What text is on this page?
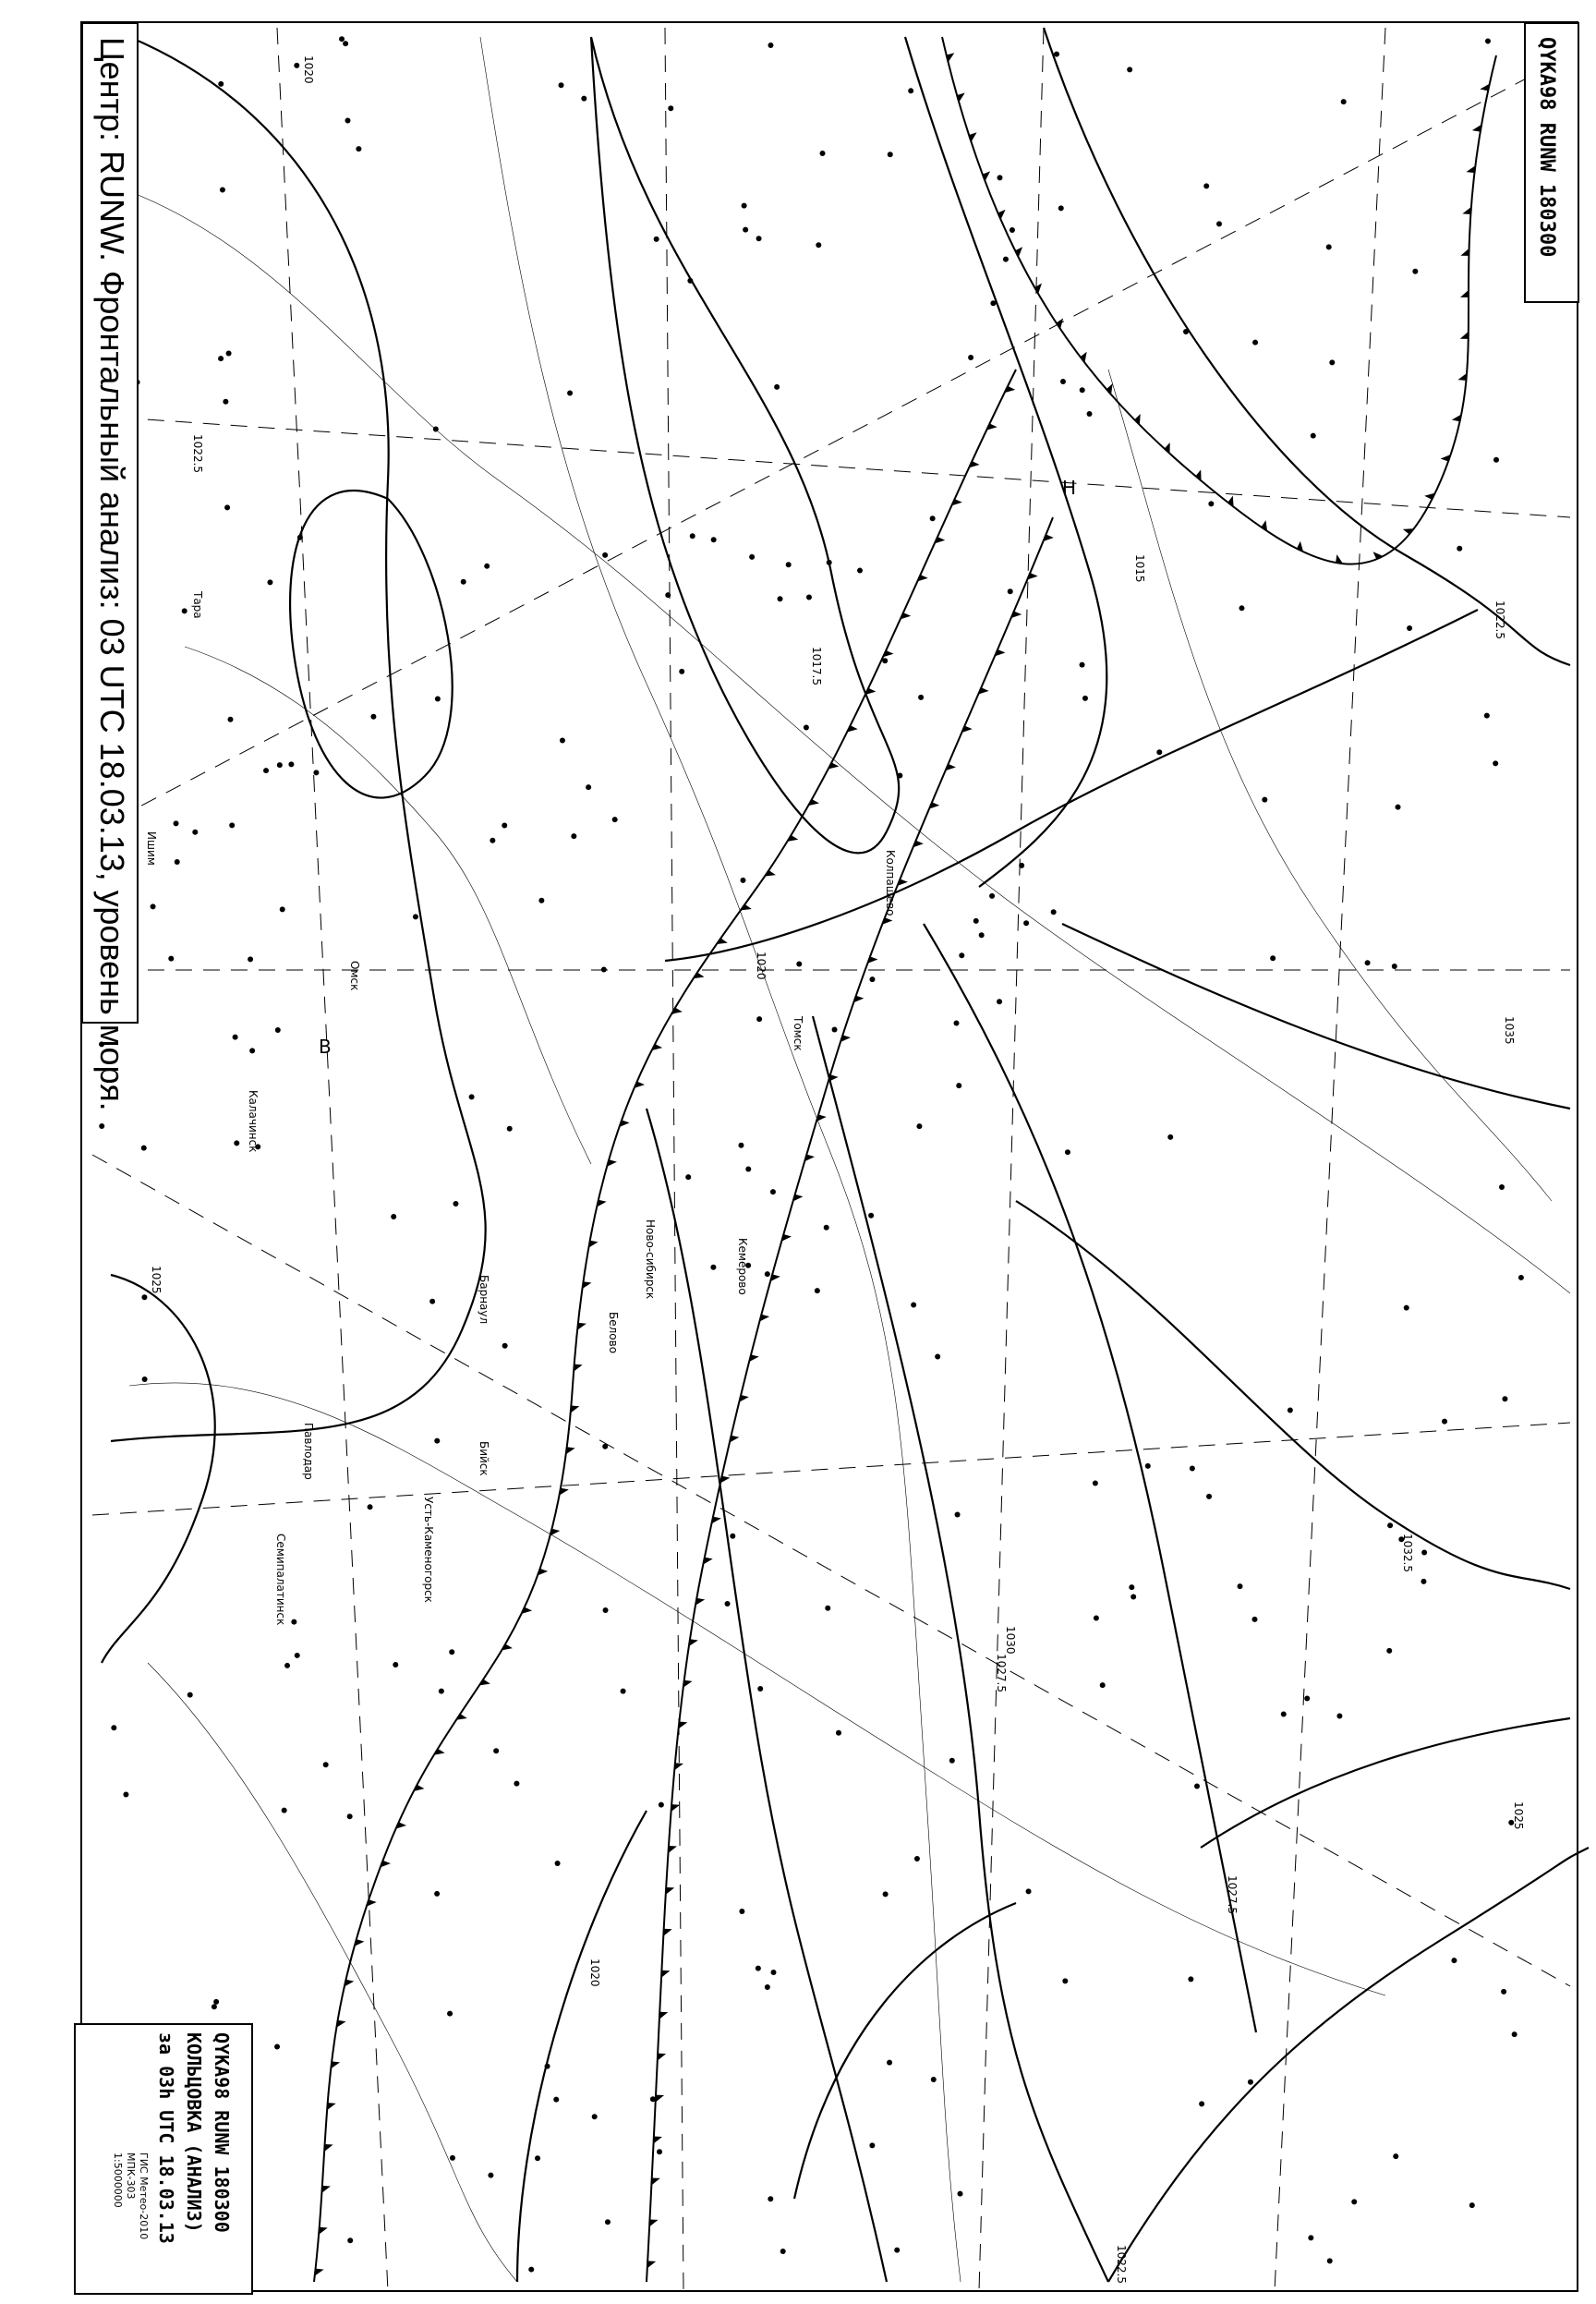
1020
1022.5
1025
1017.5
1015
1020
1027.5
1030
1032.5
1035
1025
1022.5
1020
1027.5
1022.5
В
Н
Ново-сибирск
Барнаул
Кемерово
Томск
Омск
Павлодар	Бийск
Белово
Усть-Каменогорск
Семипалатинск
Калачинск
Колпашево
Ишим
Тара
Центр: RUNW. Фронтальный анализ: 03 UTC 18.03.13, уровень моря.	QYKA98 RUNW 180300
QYKA98 RUNW 180300
КОЛЬЦОВКА (АНАЛИЗ)
за 03h UTC 18.03.13
ГИС Метео-2010
MПК-303
1:5000000
